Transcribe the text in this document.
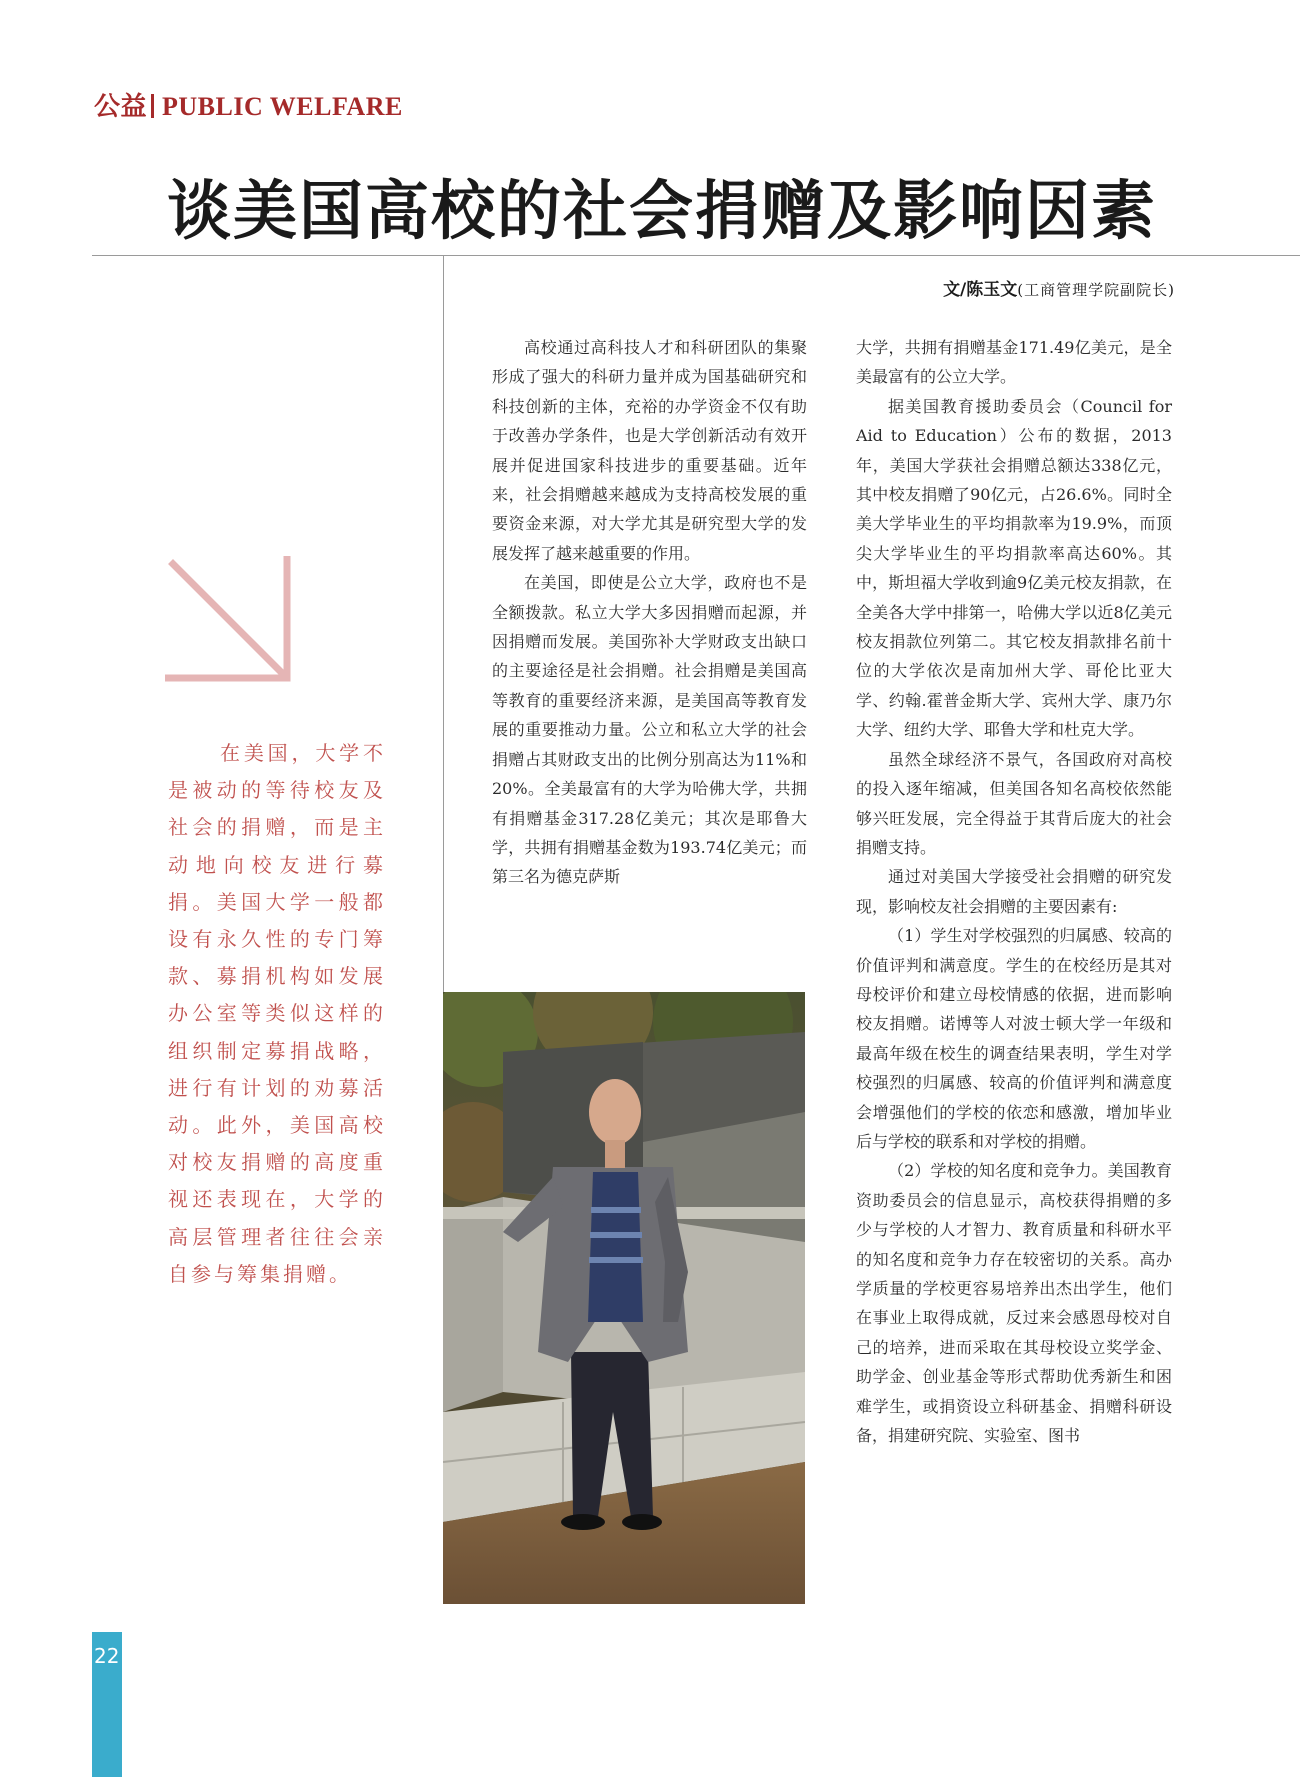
公益 PUBLIC WELFARE
谈美国高校的社会捐赠及影响因素
文/陈玉文(工商管理学院副院长)

在美国，大学不是被动的等待校友及社会的捐赠，而是主动地向校友进行募捐。美国大学一般都设有永久性的专门筹款、募捐机构如发展办公室等类似这样的组织制定募捐战略，进行有计划的劝募活动。此外，美国高校对校友捐赠的高度重视还表现在，大学的高层管理者往往会亲自参与筹集捐赠。

高校通过高科技人才和科研团队的集聚形成了强大的科研力量并成为国基础研究和科技创新的主体，充裕的办学资金不仅有助于改善办学条件，也是大学创新活动有效开展并促进国家科技进步的重要基础。近年来，社会捐赠越来越成为支持高校发展的重要资金来源，对大学尤其是研究型大学的发展发挥了越来越重要的作用。

在美国，即使是公立大学，政府也不是全额拨款。私立大学大多因捐赠而起源，并因捐赠而发展。美国弥补大学财政支出缺口的主要途径是社会捐赠。社会捐赠是美国高等教育的重要经济来源，是美国高等教育发展的重要推动力量。公立和私立大学的社会捐赠占其财政支出的比例分别高达为11%和20%。全美最富有的大学为哈佛大学，共拥有捐赠基金317.28亿美元；其次是耶鲁大学，共拥有捐赠基金数为193.74亿美元；而第三名为德克萨斯

大学，共拥有捐赠基金171.49亿美元，是全美最富有的公立大学。

据美国教育援助委员会（Council for Aid to Education）公布的数据，2013年，美国大学获社会捐赠总额达338亿元，其中校友捐赠了90亿元，占26.6%。同时全美大学毕业生的平均捐款率为19.9%，而顶尖大学毕业生的平均捐款率高达60%。其中，斯坦福大学收到逾9亿美元校友捐款，在全美各大学中排第一，哈佛大学以近8亿美元校友捐款位列第二。其它校友捐款排名前十位的大学依次是南加州大学、哥伦比亚大学、约翰.霍普金斯大学、宾州大学、康乃尔大学、纽约大学、耶鲁大学和杜克大学。

虽然全球经济不景气，各国政府对高校的投入逐年缩减，但美国各知名高校依然能够兴旺发展，完全得益于其背后庞大的社会捐赠支持。

通过对美国大学接受社会捐赠的研究发现，影响校友社会捐赠的主要因素有:

（1）学生对学校强烈的归属感、较高的价值评判和满意度。学生的在校经历是其对母校评价和建立母校情感的依据，进而影响校友捐赠。诺博等人对波士顿大学一年级和最高年级在校生的调查结果表明，学生对学校强烈的归属感、较高的价值评判和满意度会增强他们的学校的依恋和感激，增加毕业后与学校的联系和对学校的捐赠。

（2）学校的知名度和竞争力。美国教育资助委员会的信息显示，高校获得捐赠的多少与学校的人才智力、教育质量和科研水平的知名度和竞争力存在较密切的关系。高办学质量的学校更容易培养出杰出学生，他们在事业上取得成就，反过来会感恩母校对自己的培养，进而采取在其母校设立奖学金、助学金、创业基金等形式帮助优秀新生和困难学生，或捐资设立科研基金、捐赠科研设备，捐建研究院、实验室、图书

22
